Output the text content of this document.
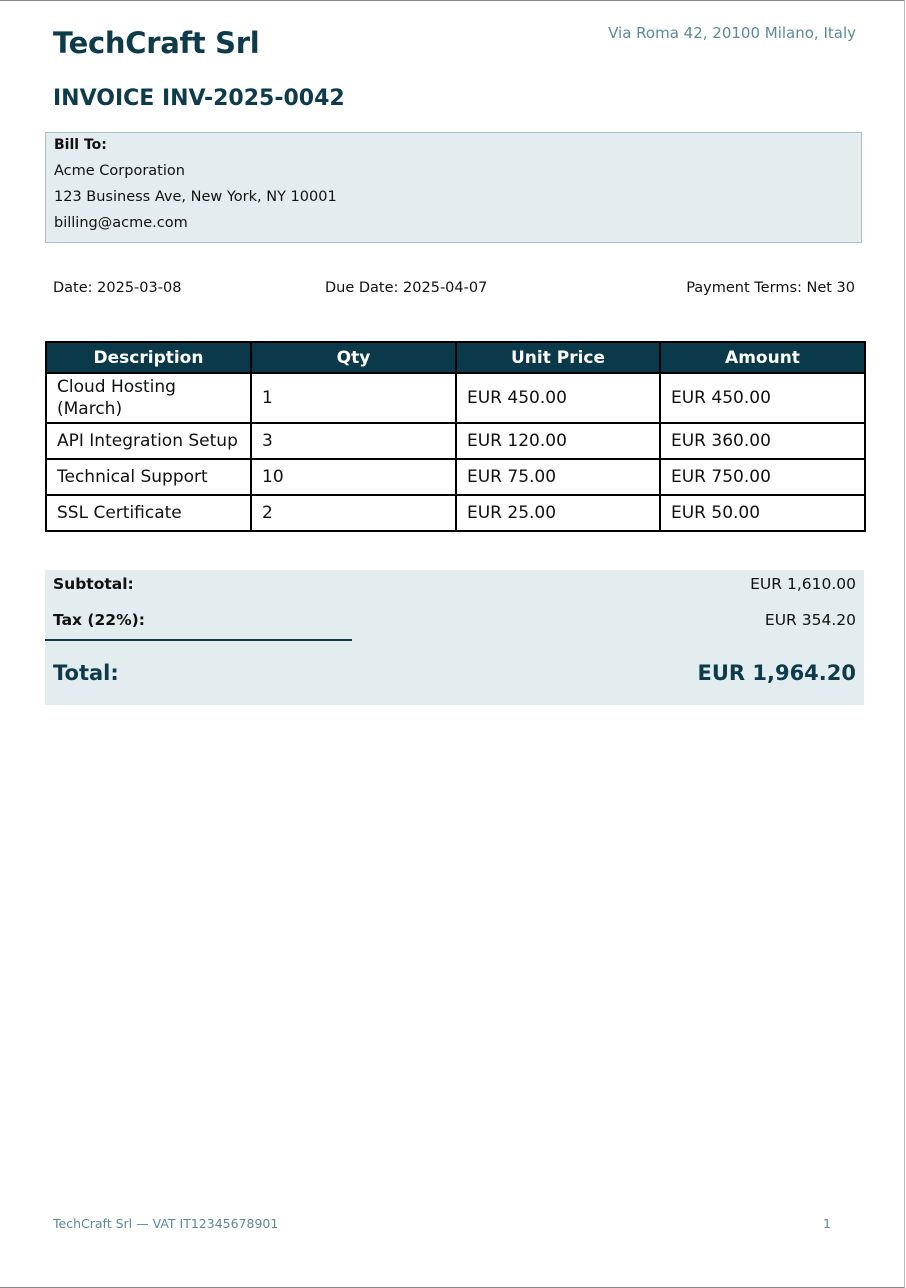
TechCraft Srl	Via Roma 42, 20100 Milano, Italy
INVOICE INV-2025-0042
Bill To:
Acme Corporation
123 Business Ave, New York, NY 10001
billing@acme.com
Date: 2025-03-08	Due Date: 2025-04-07	Payment Terms: Net 30
Description	Qty	Unit Price	Amount
Cloud Hosting (March)	1	EUR 450.00	EUR 450.00
API Integration Setup	3	EUR 120.00	EUR 360.00
Technical Support	10	EUR 75.00	EUR 750.00
SSL Certificate	2	EUR 25.00	EUR 50.00
Subtotal:	EUR 1,610.00
Tax (22%):	EUR 354.20
Total:	EUR 1,964.20
TechCraft Srl — VAT IT12345678901	1
